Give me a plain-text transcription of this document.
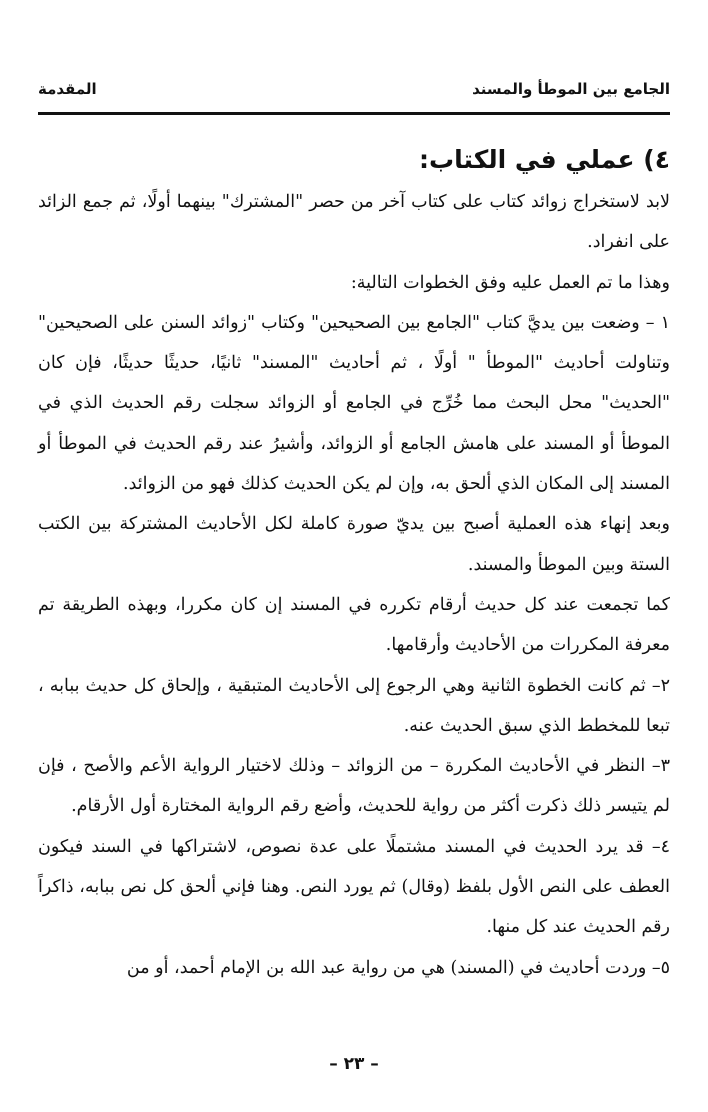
الجامع بين الموطأ والمسند
المقدمة
٤) عملي في الكتاب:

لابد لاستخراج زوائد كتاب على كتاب آخر من حصر "المشترك" بينهما أولًا، ثم جمع الزائد على انفراد.

وهذا ما تم العمل عليه وفق الخطوات التالية:

١ – وضعت بين يديَّ كتاب "الجامع بين الصحيحين" وكتاب "زوائد السنن على الصحيحين" وتناولت أحاديث "الموطأ " أولًا ، ثم أحاديث "المسند" ثانيًا، حديثًا حديثًا، فإن كان "الحديث" محل البحث مما خُرِّج في الجامع أو الزوائد سجلت رقم الحديث الذي في الموطأ أو المسند على هامش الجامع أو الزوائد، وأشيرُ عند رقم الحديث في الموطأ أو المسند إلى المكان الذي ألحق به، وإن لم يكن الحديث كذلك فهو من الزوائد.

وبعد إنهاء هذه العملية أصبح بين يديّ صورة كاملة لكل الأحاديث المشتركة بين الكتب الستة وبين الموطأ والمسند.

كما تجمعت عند كل حديث أرقام تكرره في المسند إن كان مكررا، وبهذه الطريقة تم معرفة المكررات من الأحاديث وأرقامها.

٢– ثم كانت الخطوة الثانية وهي الرجوع إلى الأحاديث المتبقية ، وإلحاق كل حديث ببابه ، تبعا للمخطط الذي سبق الحديث عنه.

٣– النظر في الأحاديث المكررة – من الزوائد – وذلك لاختيار الرواية الأعم والأصح ، فإن لم يتيسر ذلك ذكرت أكثر من رواية للحديث، وأضع رقم الرواية المختارة أول الأرقام.

٤– قد يرد الحديث في المسند مشتملًا على عدة نصوص، لاشتراكها في السند فيكون العطف على النص الأول بلفظ (وقال) ثم يورد النص. وهنا فإني ألحق كل نص ببابه، ذاكراً رقم الحديث عند كل منها.

٥– وردت أحاديث في (المسند) هي من رواية عبد الله بن الإمام أحمد، أو من

– ٢٣ –
